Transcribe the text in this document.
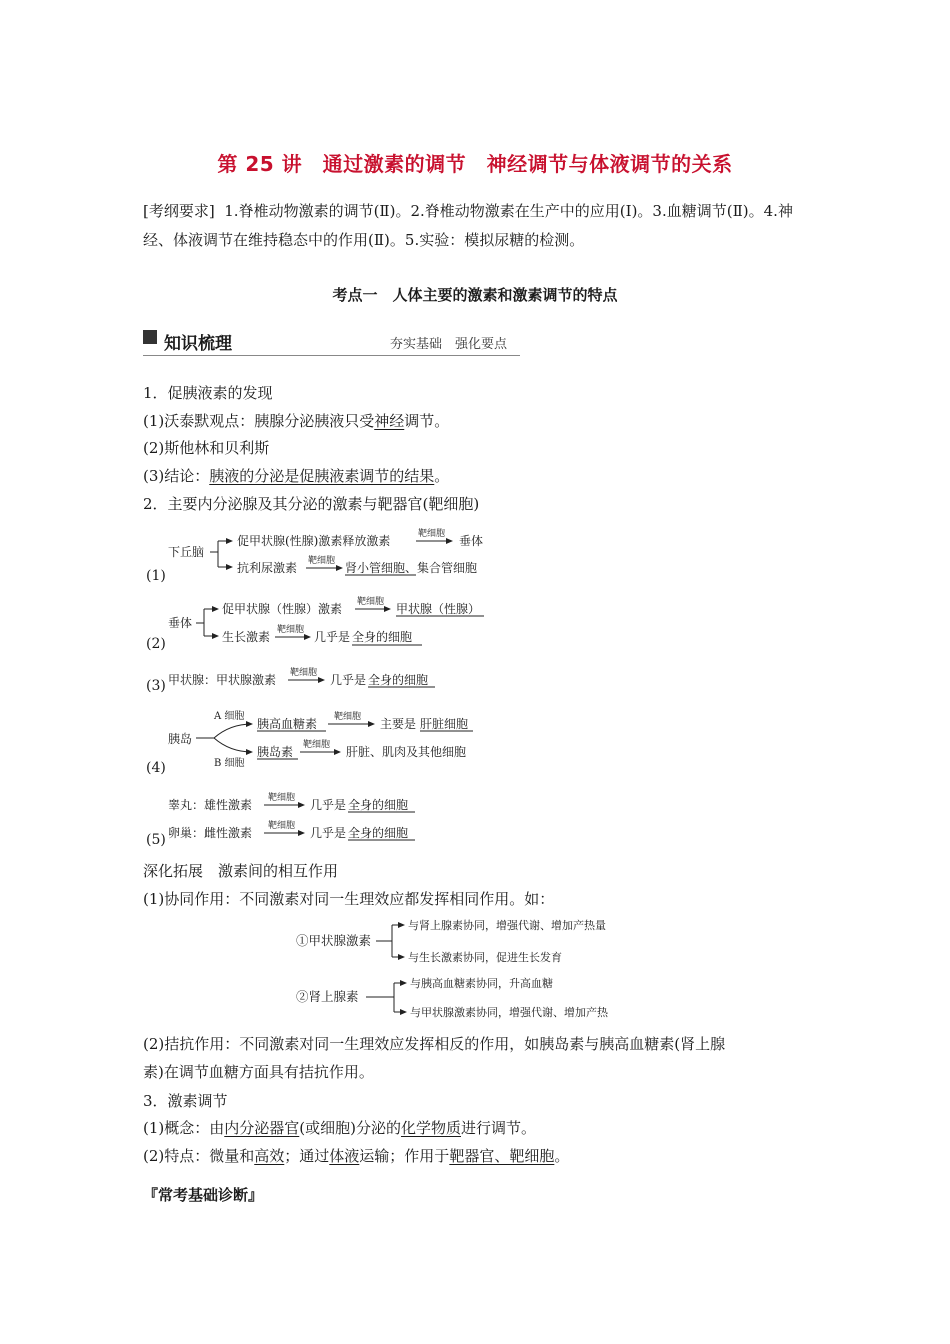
第 25 讲　通过激素的调节　神经调节与体液调节的关系
[考纲要求] 1.脊椎动物激素的调节(Ⅱ)。2.脊椎动物激素在生产中的应用(Ⅰ)。3.血糖调节(Ⅱ)。4.神经、体液调节在维持稳态中的作用(Ⅱ)。5.实验：模拟尿糖的检测。
考点一　人体主要的激素和激素调节的特点
知识梳理	夯实基础　强化要点
1．促胰液素的发现
(1)沃泰默观点：胰腺分泌胰液只受神经调节。
(2)斯他林和贝利斯
(3)结论：胰液的分泌是促胰液素调节的结果。
2．主要内分泌腺及其分泌的激素与靶器官(靶细胞)
(1)
下丘脑
促甲状腺(性腺)激素释放激素	靶细胞 垂体
抗利尿激素 靶细胞 肾小管细胞、集合管细胞
(2)
垂体
促甲状腺（性腺）激素 靶细胞 甲状腺（性腺）
生长激素 靶细胞 几乎是 全身的细胞
(3) 甲状腺：甲状腺激素 靶细胞 几乎是 全身的细胞
(4)
胰岛
A 细胞
B 细胞
胰高血糖素 靶细胞 主要是 肝脏细胞
胰岛素 靶细胞 肝脏、肌肉及其他细胞
(5)
睾丸：雄性激素 靶细胞 几乎是 全身的细胞
卵巢：雌性激素 靶细胞 几乎是 全身的细胞
①甲状腺激素
与肾上腺素协同，增强代谢、增加产热量
与生长激素协同，促进生长发育
②肾上腺素
与胰高血糖素协同，升高血糖
与甲状腺激素协同，增强代谢、增加产热
深化拓展　激素间的相互作用
(1)协同作用：不同激素对同一生理效应都发挥相同作用。如：
(2)拮抗作用：不同激素对同一生理效应发挥相反的作用，如胰岛素与胰高血糖素(肾上腺
素)在调节血糖方面具有拮抗作用。
3．激素调节
(1)概念：由内分泌器官(或细胞)分泌的化学物质进行调节。
(2)特点：微量和高效；通过体液运输；作用于靶器官、靶细胞。
『常考基础诊断』
